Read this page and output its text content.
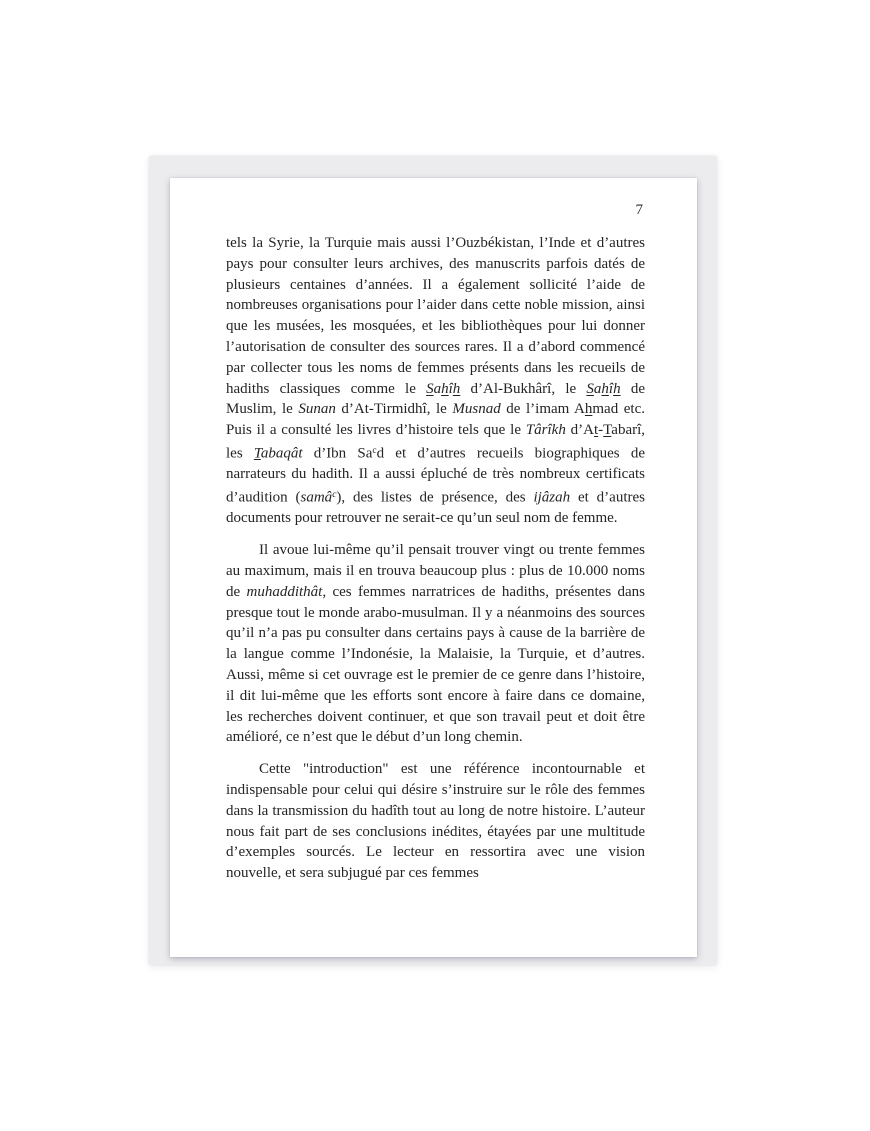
7

tels la Syrie, la Turquie mais aussi l’Ouzbékistan, l’Inde et d’autres pays pour consulter leurs archives, des manuscrits parfois datés de plusieurs centaines d’années. Il a également sollicité l’aide de nombreuses organisations pour l’aider dans cette noble mission, ainsi que les musées, les mosquées, et les bibliothèques pour lui donner l’autorisation de consulter des sources rares. Il a d’abord commencé par collecter tous les noms de femmes présents dans les recueils de hadiths classiques comme le Sahîh d’Al-Bukhârî, le Sahîh de Muslim, le Sunan d’At-Tirmidhî, le Musnad de l’imam Ahmad etc. Puis il a consulté les livres d’histoire tels que le Târîkh d’At-Tabarî, les Tabaqât d’Ibn Sa$^c$d et d’autres recueils biographiques de narrateurs du hadith. Il a aussi épluché de très nombreux certificats d’audition (samâ$^c$), des listes de présence, des ijâzah et d’autres documents pour retrouver ne serait-ce qu’un seul nom de femme.

Il avoue lui-même qu’il pensait trouver vingt ou trente femmes au maximum, mais il en trouva beaucoup plus : plus de 10.000 noms de muhaddithât, ces femmes narratrices de hadiths, présentes dans presque tout le monde arabo-musulman. Il y a néanmoins des sources qu’il n’a pas pu consulter dans certains pays à cause de la barrière de la langue comme l’Indonésie, la Malaisie, la Turquie, et d’autres. Aussi, même si cet ouvrage est le premier de ce genre dans l’histoire, il dit lui-même que les efforts sont encore à faire dans ce domaine, les recherches doivent continuer, et que son travail peut et doit être amélioré, ce n’est que le début d’un long chemin.

Cette "introduction" est une référence incontournable et indispensable pour celui qui désire s’instruire sur le rôle des femmes dans la transmission du hadîth tout au long de notre histoire. L’auteur nous fait part de ses conclusions inédites, étayées par une multitude d’exemples sourcés. Le lecteur en ressortira avec une vision nouvelle, et sera subjugué par ces femmes
